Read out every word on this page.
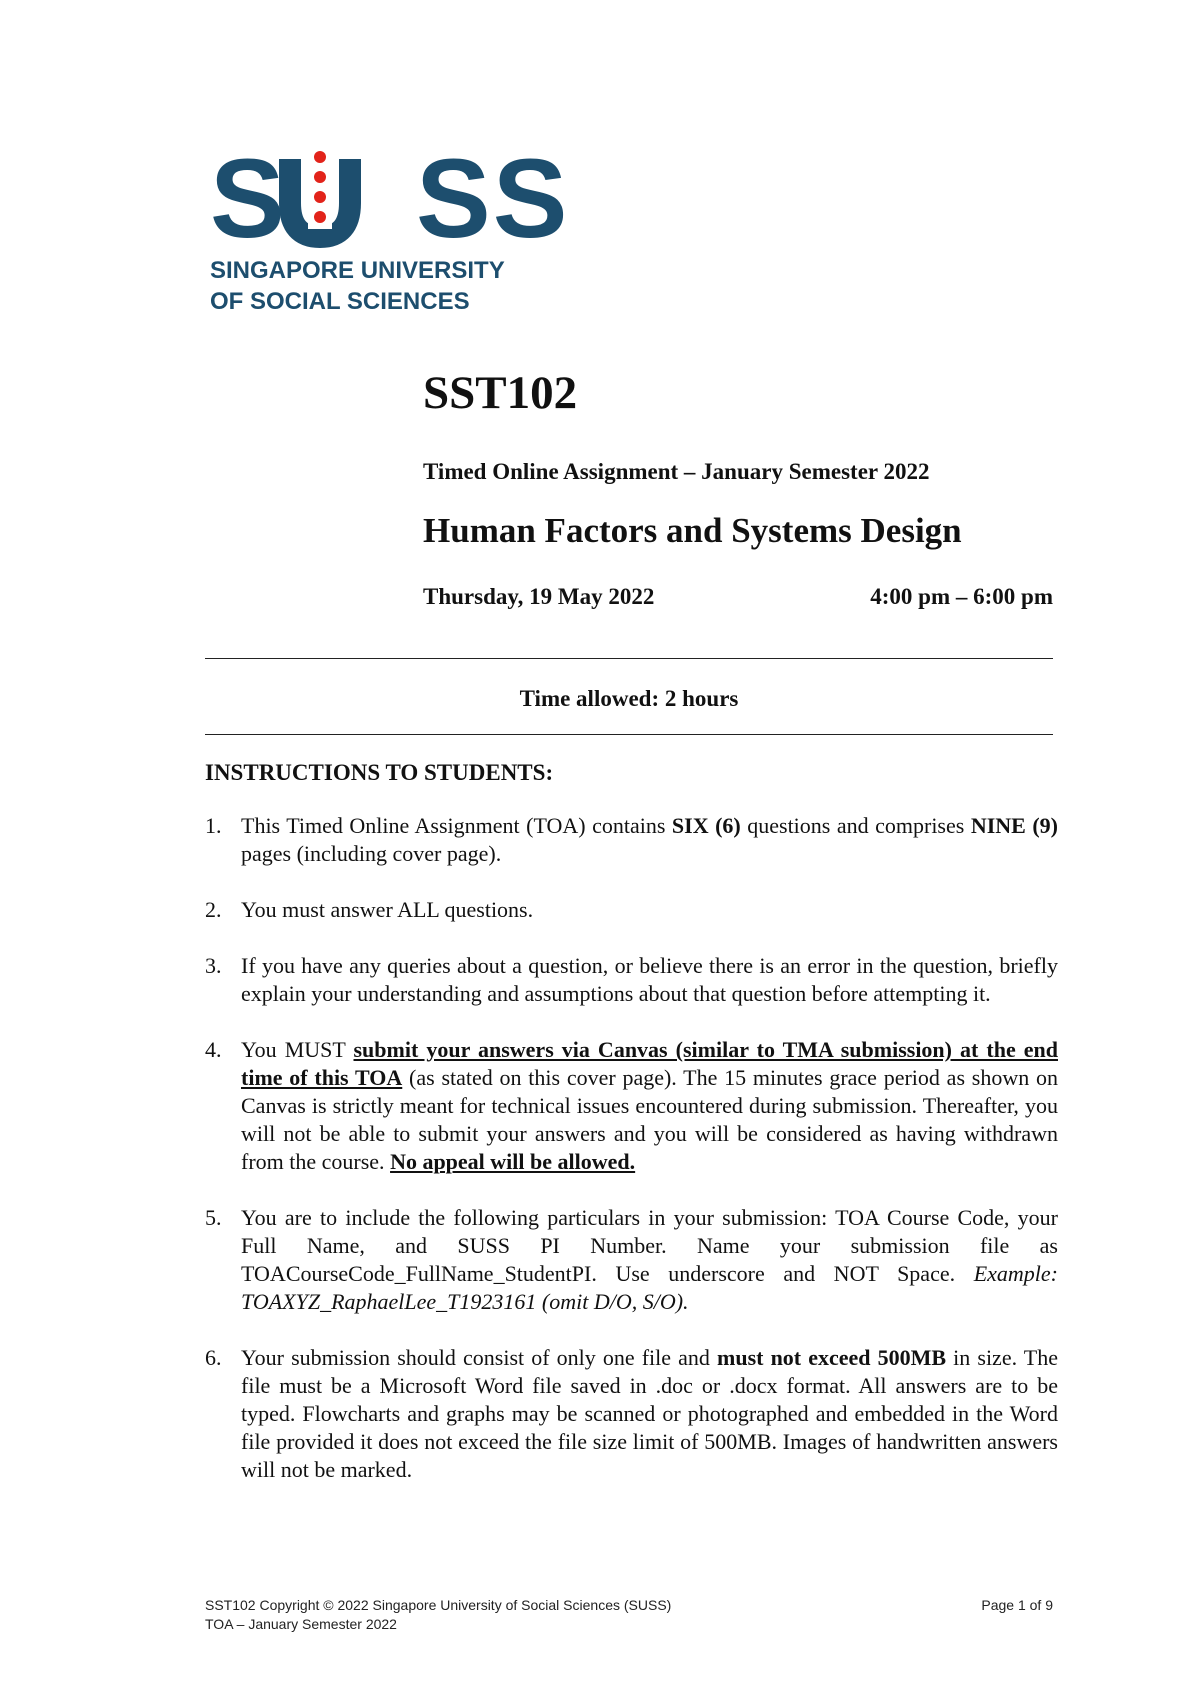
S SS
SINGAPORE UNIVERSITY
OF SOCIAL SCIENCES
SST102
Timed Online Assignment – January Semester 2022
Human Factors and Systems Design
Thursday, 19 May 2022	4:00 pm – 6:00 pm
Time allowed: 2 hours
INSTRUCTIONS TO STUDENTS:
1. This Timed Online Assignment (TOA) contains SIX (6) questions and comprises NINE (9) pages (including cover page).
2. You must answer ALL questions.
3. If you have any queries about a question, or believe there is an error in the question, briefly explain your understanding and assumptions about that question before attempting it.
4. You MUST submit your answers via Canvas (similar to TMA submission) at the end time of this TOA (as stated on this cover page). The 15 minutes grace period as shown on Canvas is strictly meant for technical issues encountered during submission. Thereafter, you will not be able to submit your answers and you will be considered as having withdrawn from the course. No appeal will be allowed.
5. You are to include the following particulars in your submission: TOA Course Code, your Full Name, and SUSS PI Number. Name your submission file as TOACourseCode_FullName_StudentPI. Use underscore and NOT Space. Example: TOAXYZ_RaphaelLee_T1923161 (omit D/O, S/O).
6. Your submission should consist of only one file and must not exceed 500MB in size. The file must be a Microsoft Word file saved in .doc or .docx format. All answers are to be typed. Flowcharts and graphs may be scanned or photographed and embedded in the Word file provided it does not exceed the file size limit of 500MB. Images of handwritten answers will not be marked.
SST102 Copyright © 2022 Singapore University of Social Sciences (SUSS)
TOA – January Semester 2022
Page 1 of 9
